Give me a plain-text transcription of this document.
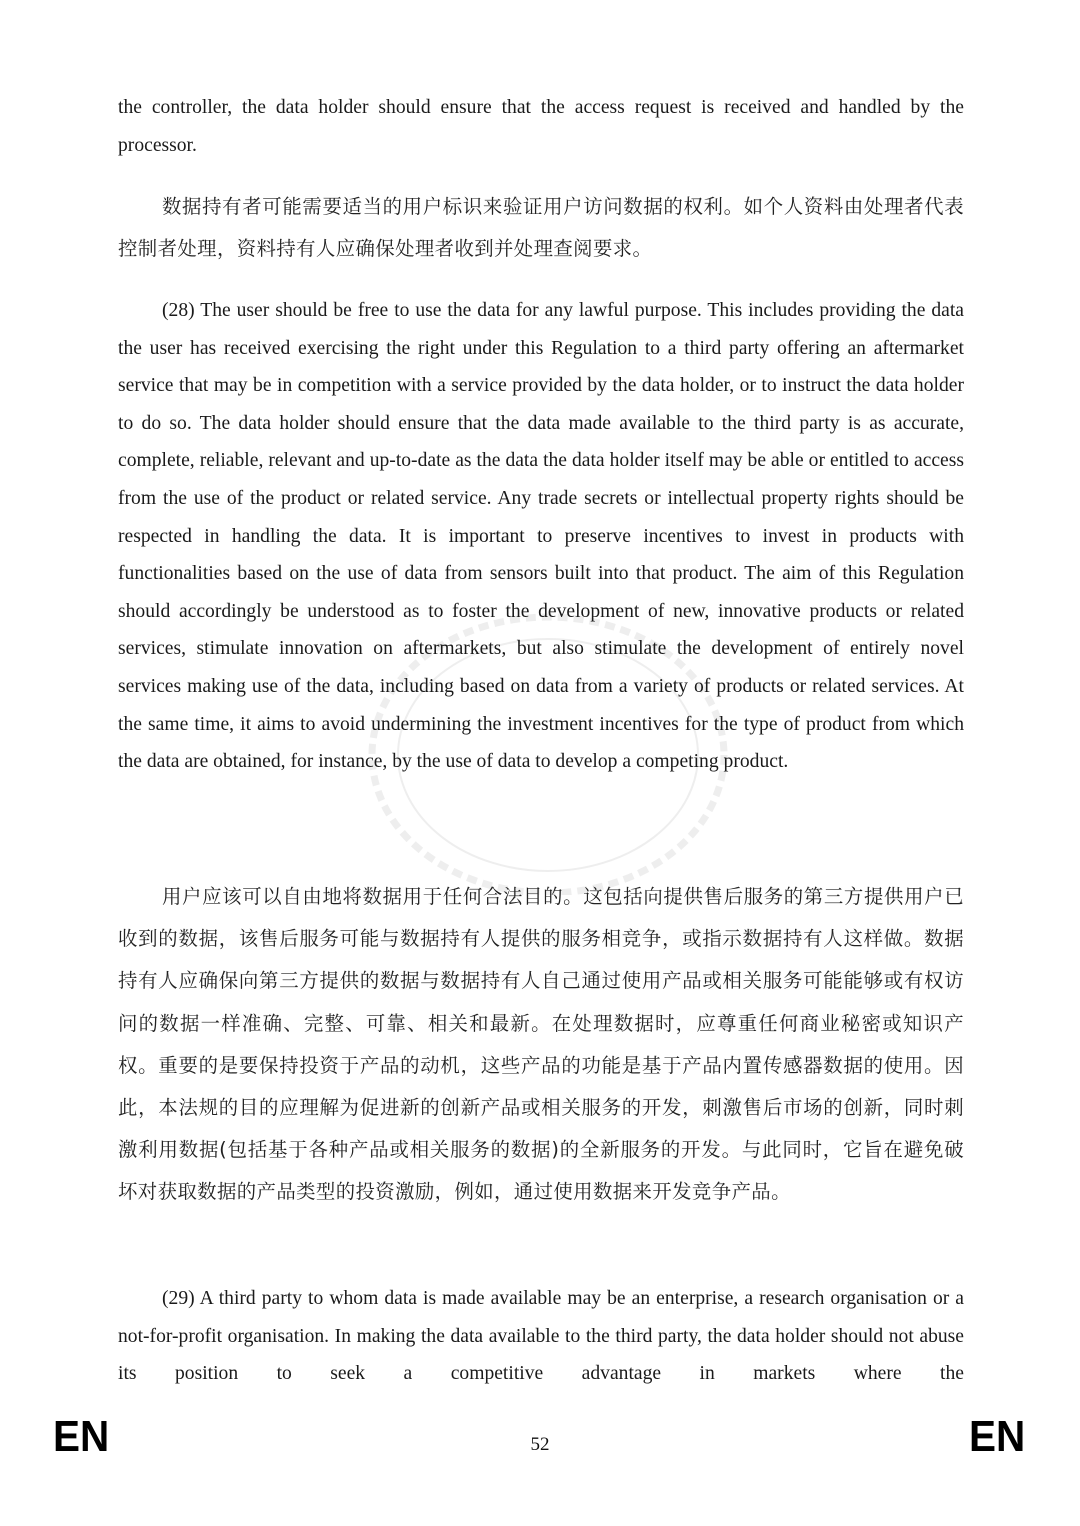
the controller, the data holder should ensure that the access request is received and handled by the processor.

数据持有者可能需要适当的用户标识来验证用户访问数据的权利。如个人资料由处理者代表控制者处理，资料持有人应确保处理者收到并处理查阅要求。

(28) The user should be free to use the data for any lawful purpose. This includes providing the data the user has received exercising the right under this Regulation to a third party offering an aftermarket service that may be in competition with a service provided by the data holder, or to instruct the data holder to do so. The data holder should ensure that the data made available to the third party is as accurate, complete, reliable, relevant and up-to-date as the data the data holder itself may be able or entitled to access from the use of the product or related service. Any trade secrets or intellectual property rights should be respected in handling the data. It is important to preserve incentives to invest in products with functionalities based on the use of data from sensors built into that product. The aim of this Regulation should accordingly be understood as to foster the development of new, innovative products or related services, stimulate innovation on aftermarkets, but also stimulate the development of entirely novel services making use of the data, including based on data from a variety of products or related services. At the same time, it aims to avoid undermining the investment incentives for the type of product from which the data are obtained, for instance, by the use of data to develop a competing product.

用户应该可以自由地将数据用于任何合法目的。这包括向提供售后服务的第三方提供用户已收到的数据，该售后服务可能与数据持有人提供的服务相竞争，或指示数据持有人这样做。数据持有人应确保向第三方提供的数据与数据持有人自己通过使用产品或相关服务可能能够或有权访问的数据一样准确、完整、可靠、相关和最新。在处理数据时，应尊重任何商业秘密或知识产权。重要的是要保持投资于产品的动机，这些产品的功能是基于产品内置传感器数据的使用。因此，本法规的目的应理解为促进新的创新产品或相关服务的开发，刺激售后市场的创新，同时刺激利用数据(包括基于各种产品或相关服务的数据)的全新服务的开发。与此同时，它旨在避免破坏对获取数据的产品类型的投资激励，例如，通过使用数据来开发竞争产品。

(29) A third party to whom data is made available may be an enterprise, a research organisation or a not-for-profit organisation. In making the data available to the third party, the data holder should not abuse its position to seek a competitive advantage in markets where the

EN	52	EN
